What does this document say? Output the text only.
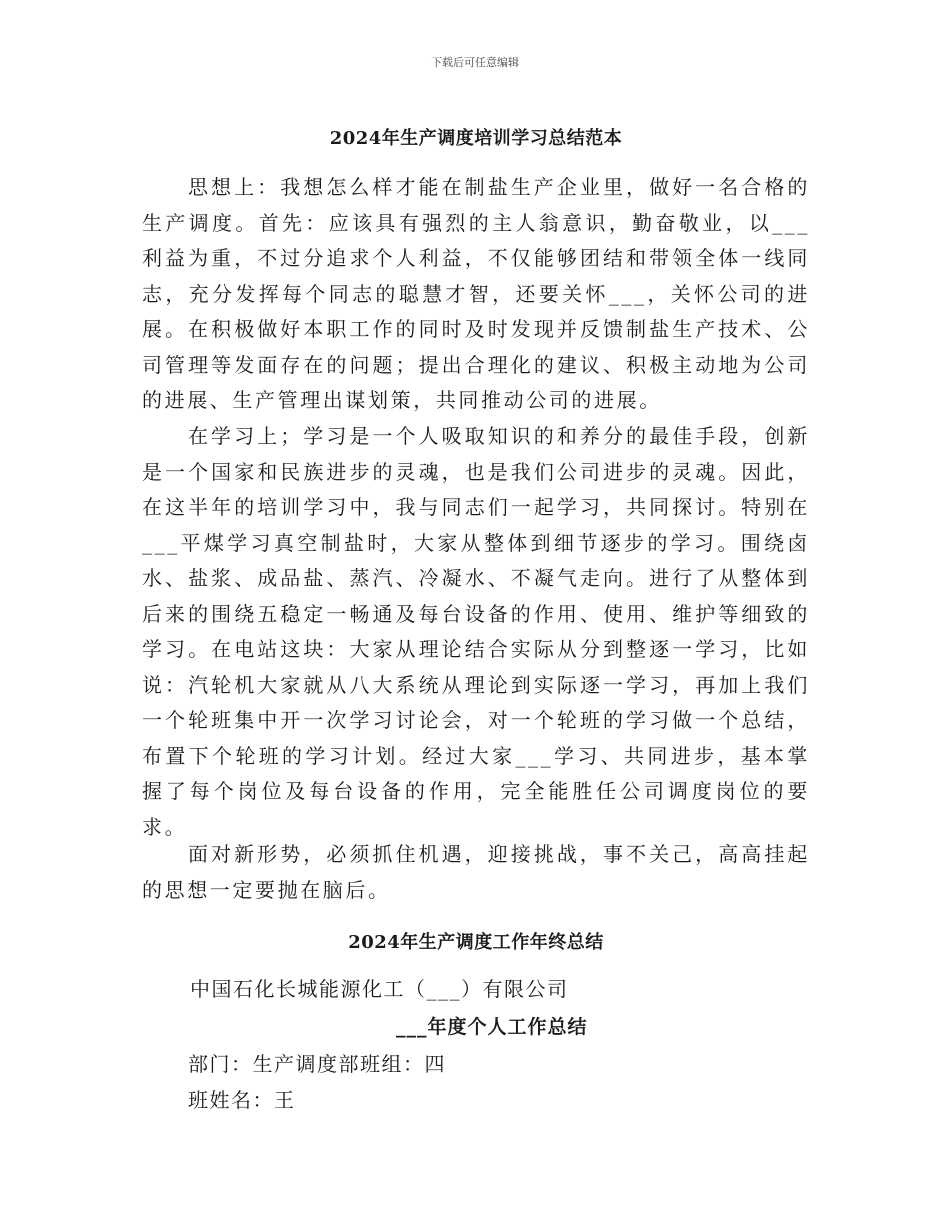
下载后可任意编辑
2024年生产调度培训学习总结范本

思想上：我想怎么样才能在制盐生产企业里，做好一名合格的生产调度。首先：应该具有强烈的主人翁意识，勤奋敬业，以___利益为重，不过分追求个人利益，不仅能够团结和带领全体一线同志，充分发挥每个同志的聪慧才智，还要关怀___，关怀公司的进展。在积极做好本职工作的同时及时发现并反馈制盐生产技术、公司管理等发面存在的问题；提出合理化的建议、积极主动地为公司的进展、生产管理出谋划策，共同推动公司的进展。

在学习上；学习是一个人吸取知识的和养分的最佳手段，创新是一个国家和民族进步的灵魂，也是我们公司进步的灵魂。因此，在这半年的培训学习中，我与同志们一起学习，共同探讨。特别在___平煤学习真空制盐时，大家从整体到细节逐步的学习。围绕卤水、盐浆、成品盐、蒸汽、冷凝水、不凝气走向。进行了从整体到后来的围绕五稳定一畅通及每台设备的作用、使用、维护等细致的学习。在电站这块：大家从理论结合实际从分到整逐一学习，比如说：汽轮机大家就从八大系统从理论到实际逐一学习，再加上我们一个轮班集中开一次学习讨论会，对一个轮班的学习做一个总结，布置下个轮班的学习计划。经过大家___学习、共同进步，基本掌握了每个岗位及每台设备的作用，完全能胜任公司调度岗位的要求。

面对新形势，必须抓住机遇，迎接挑战，事不关己，高高挂起的思想一定要抛在脑后。

2024年生产调度工作年终总结
中国石化长城能源化工（___）有限公司
___年度个人工作总结
部门：生产调度部班组：四
班姓名：王
